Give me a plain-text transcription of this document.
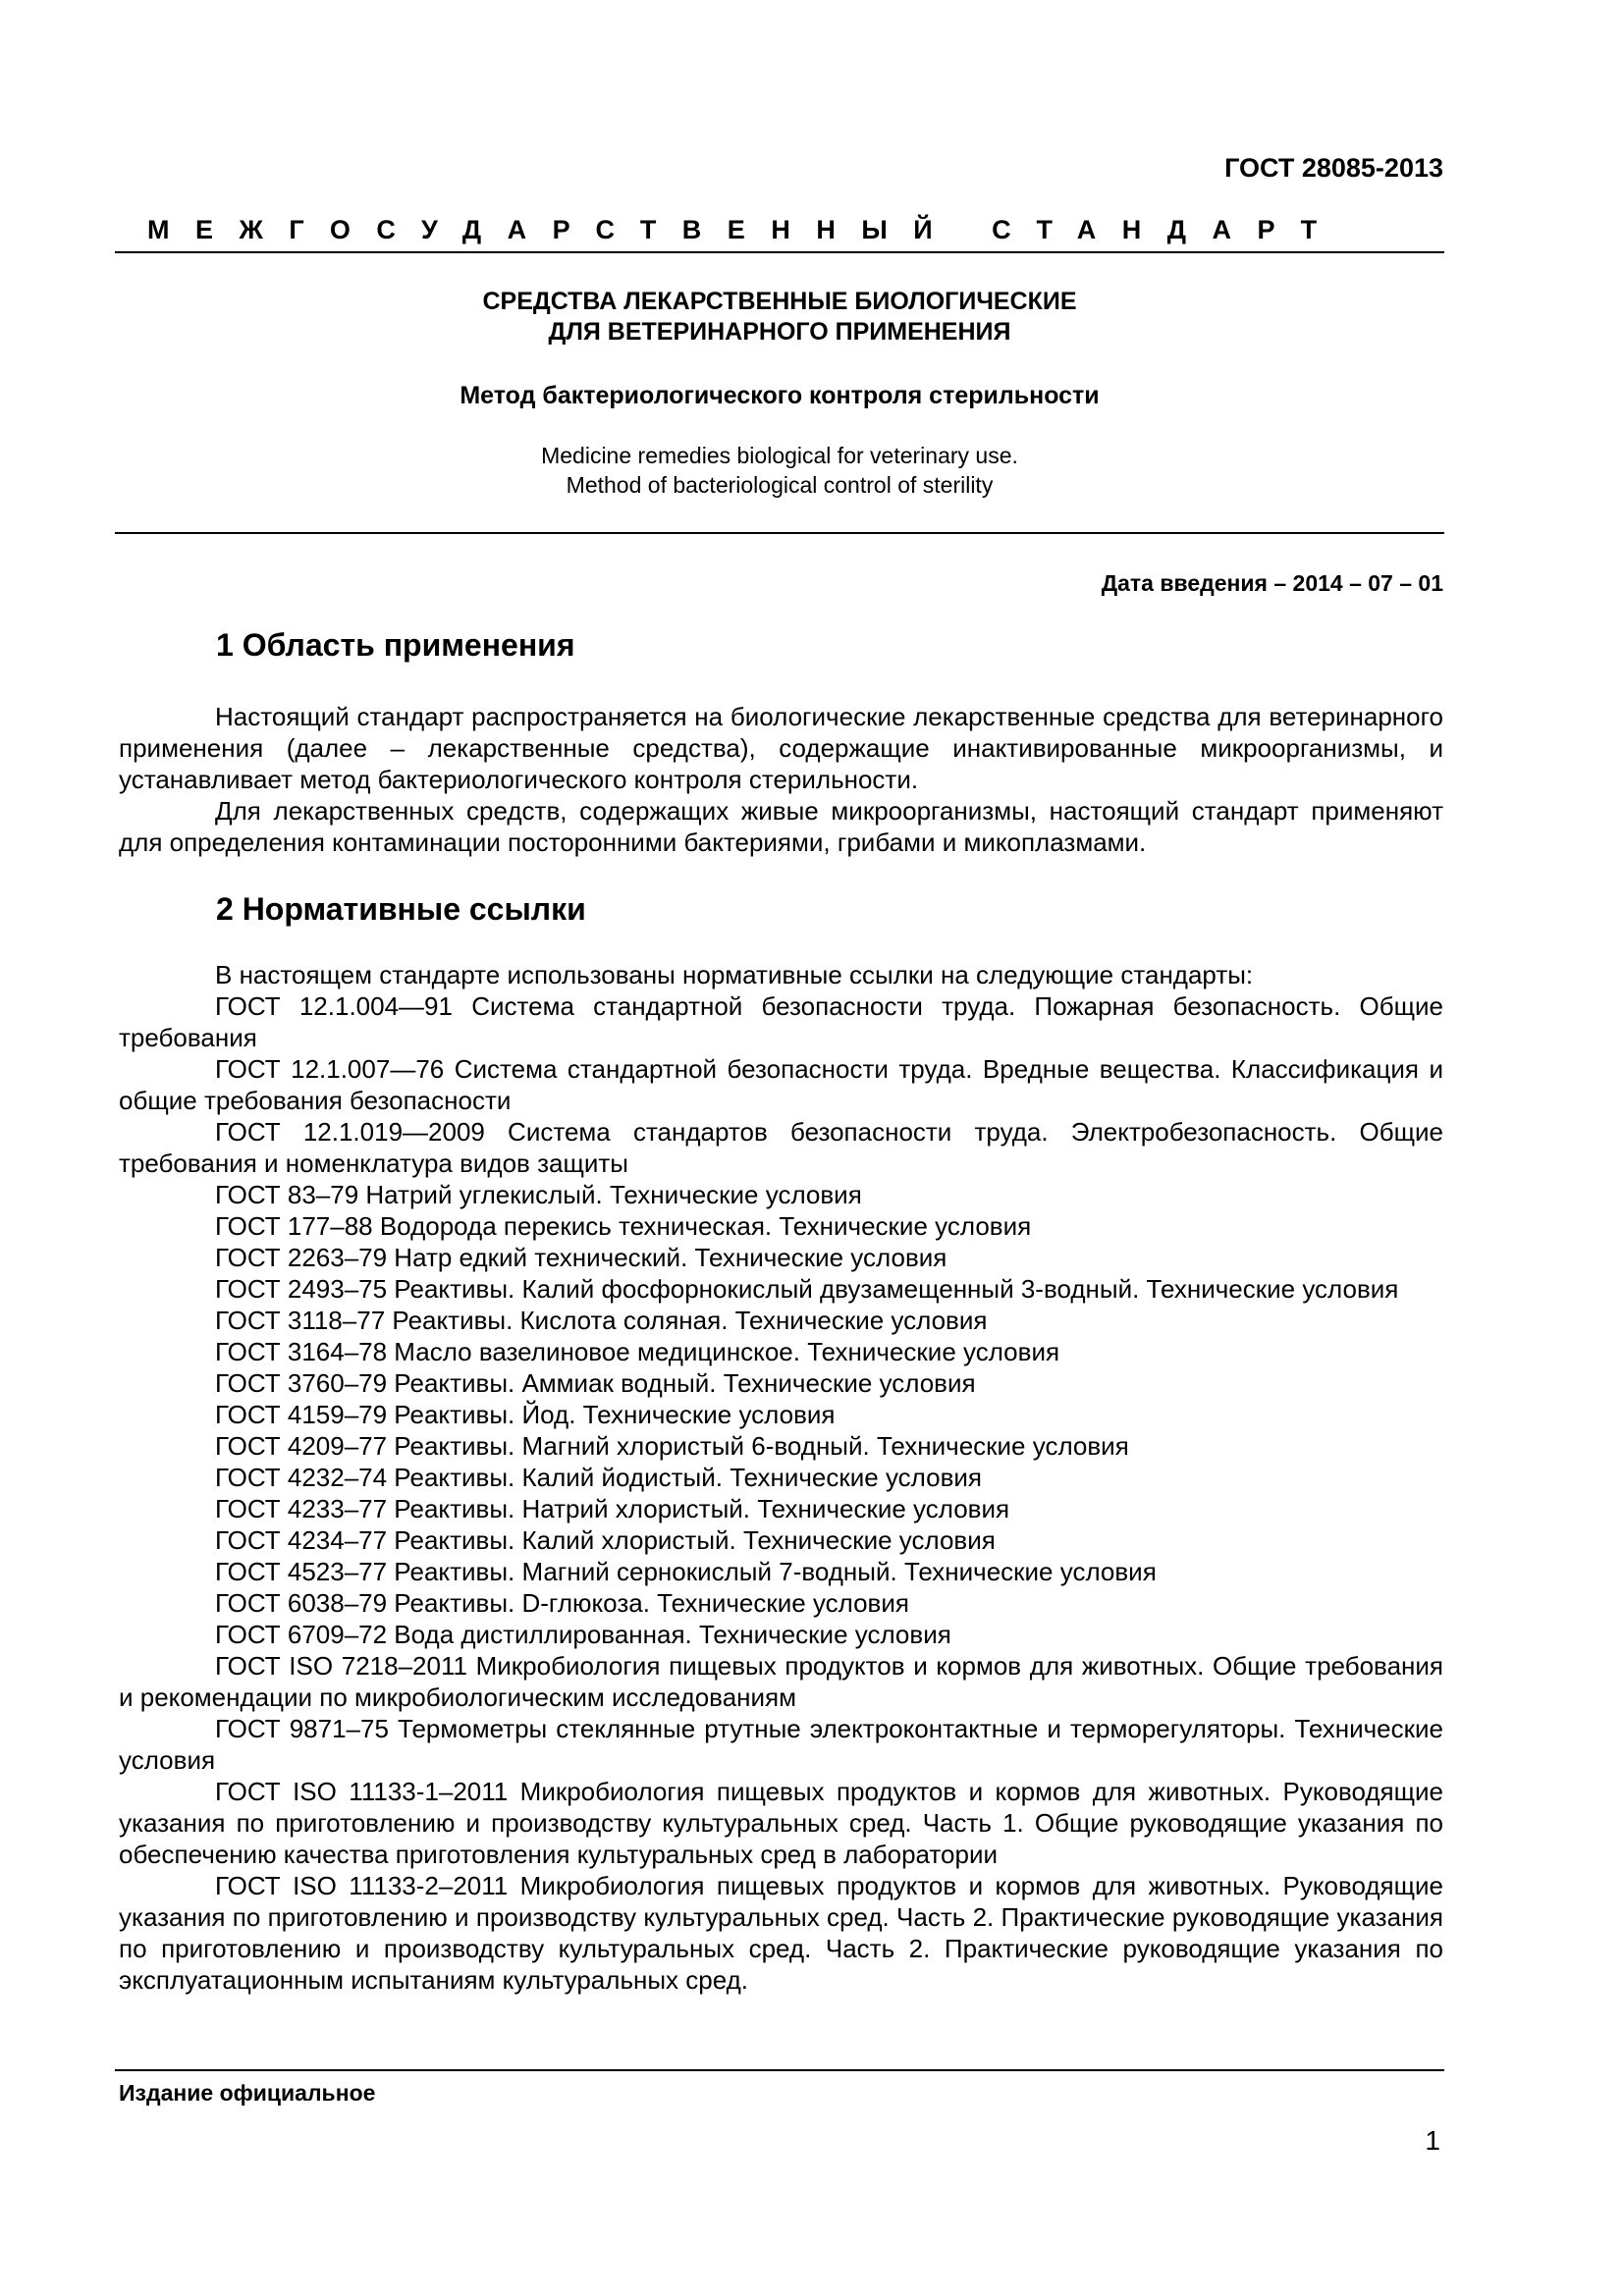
ГОСТ 28085-2013
МЕЖГОСУДАРСТВЕННЫЙ СТАНДАРТ
СРЕДСТВА ЛЕКАРСТВЕННЫЕ БИОЛОГИЧЕСКИЕ
ДЛЯ ВЕТЕРИНАРНОГО ПРИМЕНЕНИЯ
Метод бактериологического контроля стерильности
Medicine remedies biological for veterinary use.
Method of bacteriological control of sterility
Дата введения – 2014 – 07 – 01
1 Область применения

Настоящий стандарт распространяется на биологические лекарственные средства для ветеринарного применения (далее – лекарственные средства), содержащие инактивированные микроорганизмы, и устанавливает метод бактериологического контроля стерильности.

Для лекарственных средств, содержащих живые микроорганизмы, настоящий стандарт применяют для определения контаминации посторонними бактериями, грибами и микоплазмами.

2 Нормативные ссылки

В настоящем стандарте использованы нормативные ссылки на следующие стандарты:

ГОСТ 12.1.004—91 Система стандартной безопасности труда. Пожарная безопасность. Общие требования

ГОСТ 12.1.007—76 Система стандартной безопасности труда. Вредные вещества. Классификация и общие требования безопасности

ГОСТ 12.1.019—2009 Система стандартов безопасности труда. Электробезопасность. Общие требования и номенклатура видов защиты

ГОСТ 83–79 Натрий углекислый. Технические условия

ГОСТ 177–88 Водорода перекись техническая. Технические условия

ГОСТ 2263–79 Натр едкий технический. Технические условия

ГОСТ 2493–75 Реактивы. Калий фосфорнокислый двузамещенный 3-водный. Технические условия

ГОСТ 3118–77 Реактивы. Кислота соляная. Технические условия

ГОСТ 3164–78 Масло вазелиновое медицинское. Технические условия

ГОСТ 3760–79 Реактивы. Аммиак водный. Технические условия

ГОСТ 4159–79 Реактивы. Йод. Технические условия

ГОСТ 4209–77 Реактивы. Магний хлористый 6-водный. Технические условия

ГОСТ 4232–74 Реактивы. Калий йодистый. Технические условия

ГОСТ 4233–77 Реактивы. Натрий хлористый. Технические условия

ГОСТ 4234–77 Реактивы. Калий хлористый. Технические условия

ГОСТ 4523–77 Реактивы. Магний сернокислый 7-водный. Технические условия

ГОСТ 6038–79 Реактивы. D-глюкоза. Технические условия

ГОСТ 6709–72 Вода дистиллированная. Технические условия

ГОСТ ISO 7218–2011 Микробиология пищевых продуктов и кормов для животных. Общие требования и рекомендации по микробиологическим исследованиям

ГОСТ 9871–75 Термометры стеклянные ртутные электроконтактные и терморегуляторы. Технические условия

ГОСТ ISO 11133-1–2011 Микробиология пищевых продуктов и кормов для животных. Руководящие указания по приготовлению и производству культуральных сред. Часть 1. Общие руководящие указания по обеспечению качества приготовления культуральных сред в лаборатории

ГОСТ ISO 11133-2–2011 Микробиология пищевых продуктов и кормов для животных. Руководящие указания по приготовлению и производству культуральных сред. Часть 2. Практические руководящие указания по приготовлению и производству культуральных сред. Часть 2. Практические руководящие указания по эксплуатационным испытаниям культуральных сред.

Издание официальное
1
